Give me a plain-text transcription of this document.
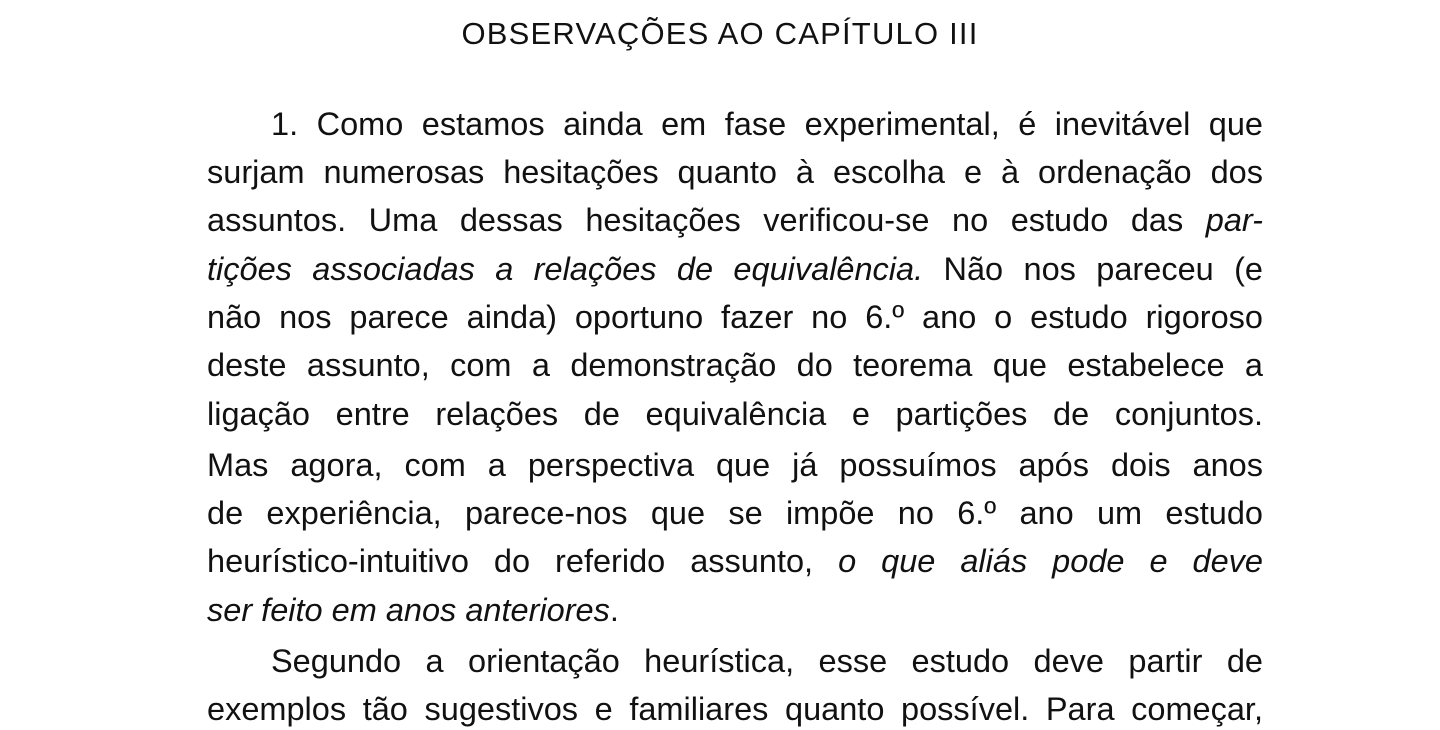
OBSERVAÇÕES AO CAPÍTULO III
1. Como estamos ainda em fase experimental, é inevitável que
surjam numerosas hesitações quanto à escolha e à ordenação dos
assuntos. Uma dessas hesitações verificou-se no estudo das par-
tições associadas a relações de equivalência. Não nos pareceu (e
não nos parece ainda) oportuno fazer no 6.º ano o estudo rigoroso
deste assunto, com a demonstração do teorema que estabelece a
ligação entre relações de equivalência e partições de conjuntos.
Mas agora, com a perspectiva que já possuímos após dois anos
de experiência, parece-nos que se impõe no 6.º ano um estudo
heurístico-intuitivo do referido assunto, o que aliás pode e deve
ser feito em anos anteriores.
Segundo a orientação heurística, esse estudo deve partir de
exemplos tão sugestivos e familiares quanto possível. Para começar,
